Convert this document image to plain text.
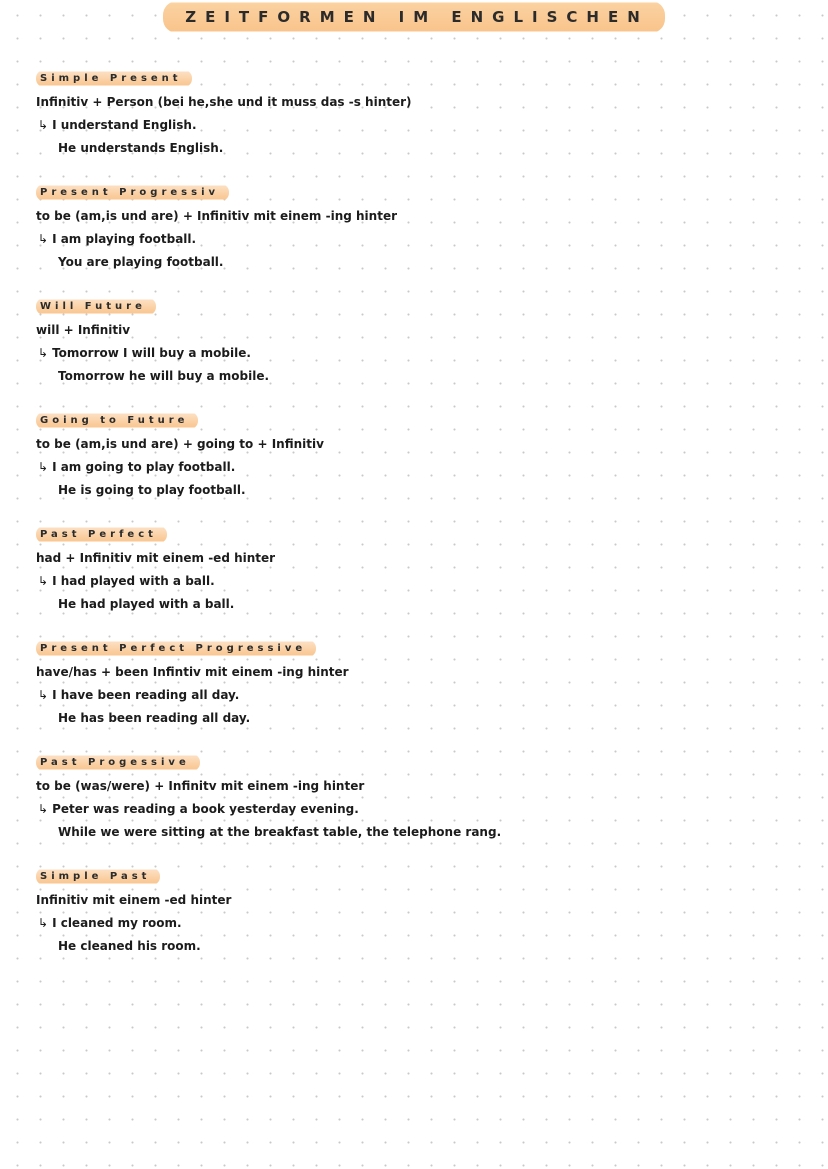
ZEITFORMEN IM ENGLISCHEN
Simple Present
Infinitiv + Person (bei he,she und it muss das -s hinter)
↳ I understand English.
He understands English.
Present Progressiv
to be (am,is und are) + Infinitiv mit einem -ing hinter
↳ I am playing football.
You are playing football.
Will Future
will + Infinitiv
↳ Tomorrow I will buy a mobile.
Tomorrow he will buy a mobile.
Going to Future
to be (am,is und are) + going to + Infinitiv
↳ I am going to play football.
He is going to play football.
Past Perfect
had + Infinitiv mit einem -ed hinter
↳ I had played with a ball.
He had played with a ball.
Present Perfect Progressive
have/has + been Infintiv mit einem -ing hinter
↳ I have been reading all day.
He has been reading all day.
Past Progessive
to be (was/were) + Infinitv mit einem -ing hinter
↳ Peter was reading a book yesterday evening.
While we were sitting at the breakfast table, the telephone rang.
Simple Past
Infinitiv mit einem -ed hinter
↳ I cleaned my room.
He cleaned his room.
